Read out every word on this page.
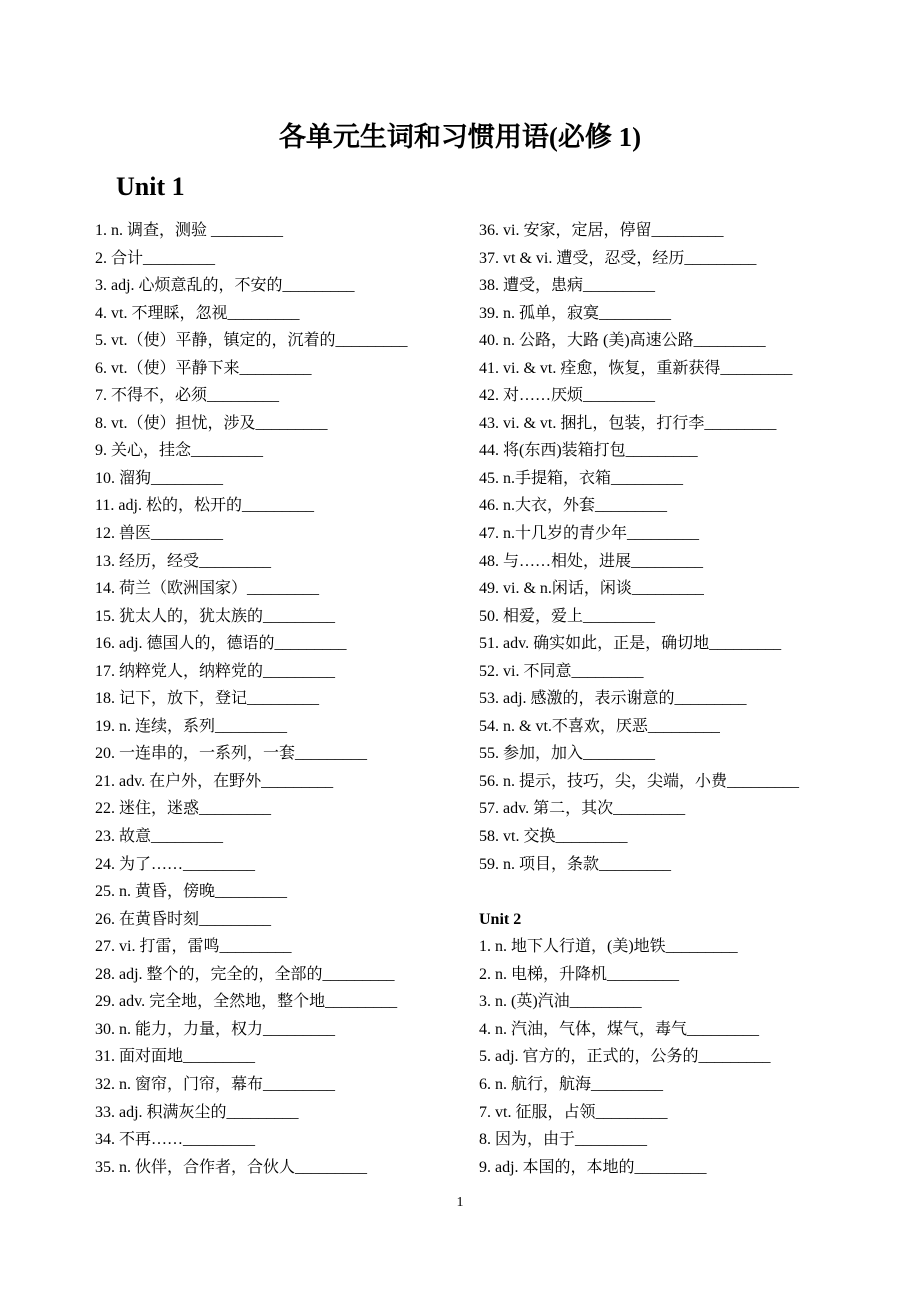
各单元生词和习惯用语(必修 1)
Unit 1
1. n. 调查，测验 _________
2. 合计_________
3. adj. 心烦意乱的，不安的_________
4. vt. 不理睬，忽视_________
5. vt.（使）平静，镇定的，沉着的_________
6. vt.（使）平静下来_________
7. 不得不，必须_________
8. vt.（使）担忧，涉及_________
9. 关心，挂念_________
10. 溜狗_________
11. adj. 松的，松开的_________
12. 兽医_________
13. 经历，经受_________
14. 荷兰（欧洲国家）_________
15. 犹太人的，犹太族的_________
16. adj. 德国人的，德语的_________
17. 纳粹党人，纳粹党的_________
18. 记下，放下，登记_________
19. n. 连续，系列_________
20. 一连串的，一系列，一套_________
21. adv. 在户外，在野外_________
22. 迷住，迷惑_________
23. 故意_________
24. 为了……_________
25. n. 黄昏，傍晚_________
26. 在黄昏时刻_________
27. vi. 打雷，雷鸣_________
28. adj. 整个的，完全的，全部的_________
29. adv. 完全地，全然地，整个地_________
30. n. 能力，力量，权力_________
31. 面对面地_________
32. n. 窗帘，门帘，幕布_________
33. adj. 积满灰尘的_________
34. 不再……_________
35. n. 伙伴，合作者，合伙人_________
36. vi. 安家，定居，停留_________
37. vt & vi. 遭受，忍受，经历_________
38. 遭受，患病_________
39. n. 孤单，寂寞_________
40. n. 公路，大路 (美)高速公路_________
41. vi. & vt. 痊愈，恢复，重新获得_________
42. 对……厌烦_________
43. vi. & vt. 捆扎，包装，打行李_________
44. 将(东西)装箱打包_________
45. n.手提箱，衣箱_________
46. n.大衣，外套_________
47. n.十几岁的青少年_________
48. 与……相处，进展_________
49. vi. & n.闲话，闲谈_________
50. 相爱，爱上_________
51. adv. 确实如此，正是，确切地_________
52. vi. 不同意_________
53. adj. 感激的，表示谢意的_________
54. n. & vt.不喜欢，厌恶_________
55. 参加，加入_________
56. n. 提示，技巧，尖，尖端，小费_________
57. adv. 第二，其次_________
58. vt. 交换_________
59. n. 项目，条款_________
Unit 2
1. n. 地下人行道，(美)地铁_________
2. n. 电梯，升降机_________
3. n. (英)汽油_________
4. n. 汽油，气体，煤气，毒气_________
5. adj. 官方的，正式的，公务的_________
6. n. 航行，航海_________
7. vt. 征服，占领_________
8. 因为，由于_________
9. adj. 本国的，本地的_________
1
